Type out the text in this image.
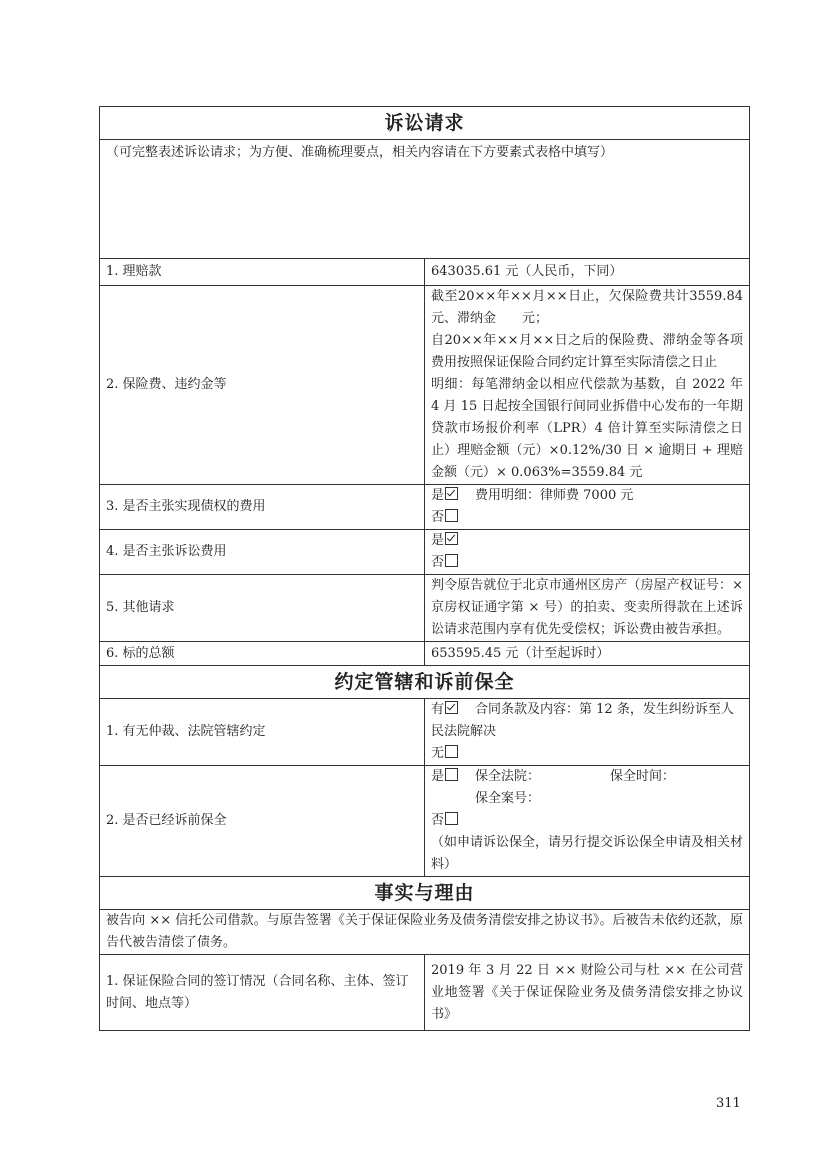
诉讼请求	
（可完整表述诉讼请求；为方便、准确梳理要点，相关内容请在下方要素式表格中填写）	
1. 理赔款	643035.61 元（人民币，下同）
2. 保险费、违约金等	截至20××年××月××日止，欠保险费共计3559.84元、滞纳金　　元；
自20××年××月××日之后的保险费、滞纳金等各项费用按照保证保险合同约定计算至实际清偿之日止
明细：每笔滞纳金以相应代偿款为基数，自 2022 年 4 月 15 日起按全国银行间同业拆借中心发布的一年期贷款市场报价利率（LPR）4 倍计算至实际清偿之日止）理赔金额（元）×0.12%/30 日 × 逾期日 + 理赔金额（元）× 0.063%=3559.84 元

3. 是否主张实现债权的费用	是 费用明细：律师费 7000 元
否

4. 是否主张诉讼费用	是
否

5. 其他请求	判令原告就位于北京市通州区房产（房屋产权证号：× 京房权证通字第 × 号）的拍卖、变卖所得款在上述诉讼请求范围内享有优先受偿权；诉讼费由被告承担。
6. 标的总额	653595.45 元（计至起诉时）
约定管辖和诉前保全	
1. 有无仲裁、法院管辖约定	有 合同条款及内容：第 12 条，发生纠纷诉至人民法院解决
无

2. 是否已经诉前保全	是 保全法院： 保全时间：
保全案号：
否
（如申请诉讼保全，请另行提交诉讼保全申请及相关材料）

事实与理由	
被告向 ×× 信托公司借款。与原告签署《关于保证保险业务及债务清偿安排之协议书》。后被告未依约还款，原告代被告清偿了债务。	
1. 保证保险合同的签订情况（合同名称、主体、签订时间、地点等）	2019 年 3 月 22 日 ×× 财险公司与杜 ×× 在公司营业地签署《关于保证保险业务及债务清偿安排之协议书》
311
